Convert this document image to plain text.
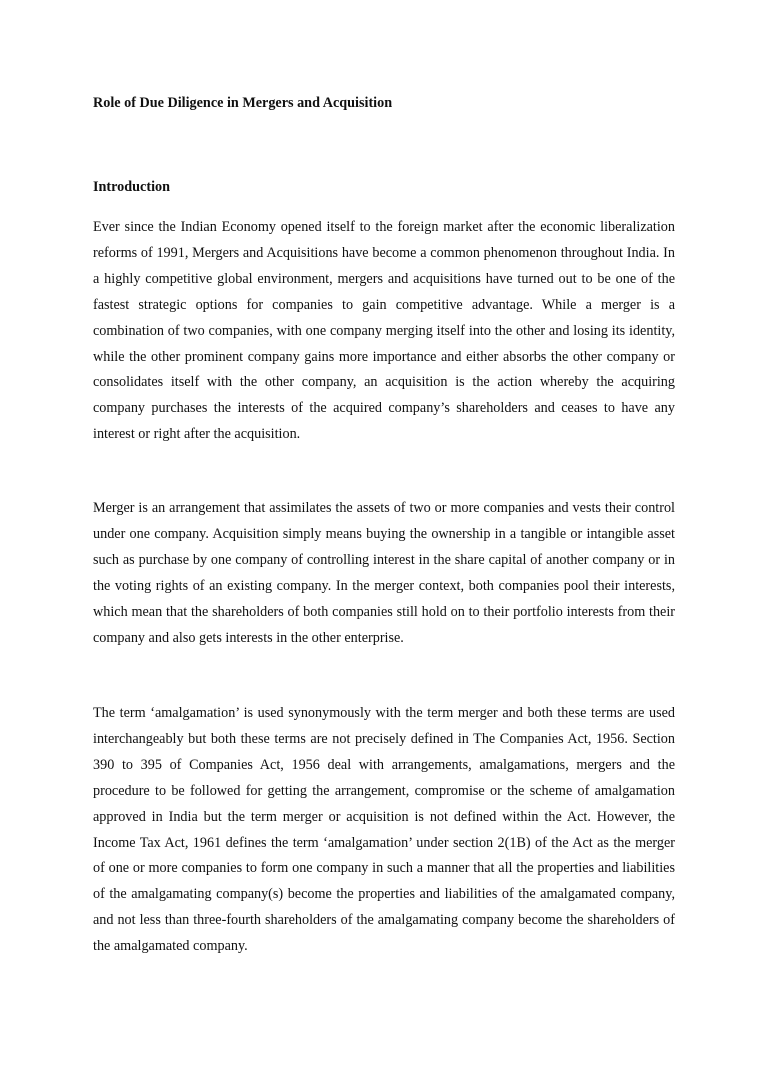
Role of Due Diligence in Mergers and Acquisition
Introduction

Ever since the Indian Economy opened itself to the foreign market after the economic liberalization reforms of 1991, Mergers and Acquisitions have become a common phenomenon throughout India. In a highly competitive global environment, mergers and acquisitions have turned out to be one of the fastest strategic options for companies to gain competitive advantage. While a merger is a combination of two companies, with one company merging itself into the other and losing its identity, while the other prominent company gains more importance and either absorbs the other company or consolidates itself with the other company, an acquisition is the action whereby the acquiring company purchases the interests of the acquired company’s shareholders and ceases to have any interest or right after the acquisition.

Merger is an arrangement that assimilates the assets of two or more companies and vests their control under one company. Acquisition simply means buying the ownership in a tangible or intangible asset such as purchase by one company of controlling interest in the share capital of another company or in the voting rights of an existing company. In the merger context, both companies pool their interests, which mean that the shareholders of both companies still hold on to their portfolio interests from their company and also gets interests in the other enterprise.

The term ‘amalgamation’ is used synonymously with the term merger and both these terms are used interchangeably but both these terms are not precisely defined in The Companies Act, 1956. Section 390 to 395 of Companies Act, 1956 deal with arrangements, amalgamations, mergers and the procedure to be followed for getting the arrangement, compromise or the scheme of amalgamation approved in India but the term merger or acquisition is not defined within the Act. However, the Income Tax Act, 1961 defines the term ‘amalgamation’ under section 2(1B) of the Act as the merger of one or more companies to form one company in such a manner that all the properties and liabilities of the amalgamating company(s) become the properties and liabilities of the amalgamated company, and not less than three-fourth shareholders of the amalgamating company become the shareholders of the amalgamated company.
